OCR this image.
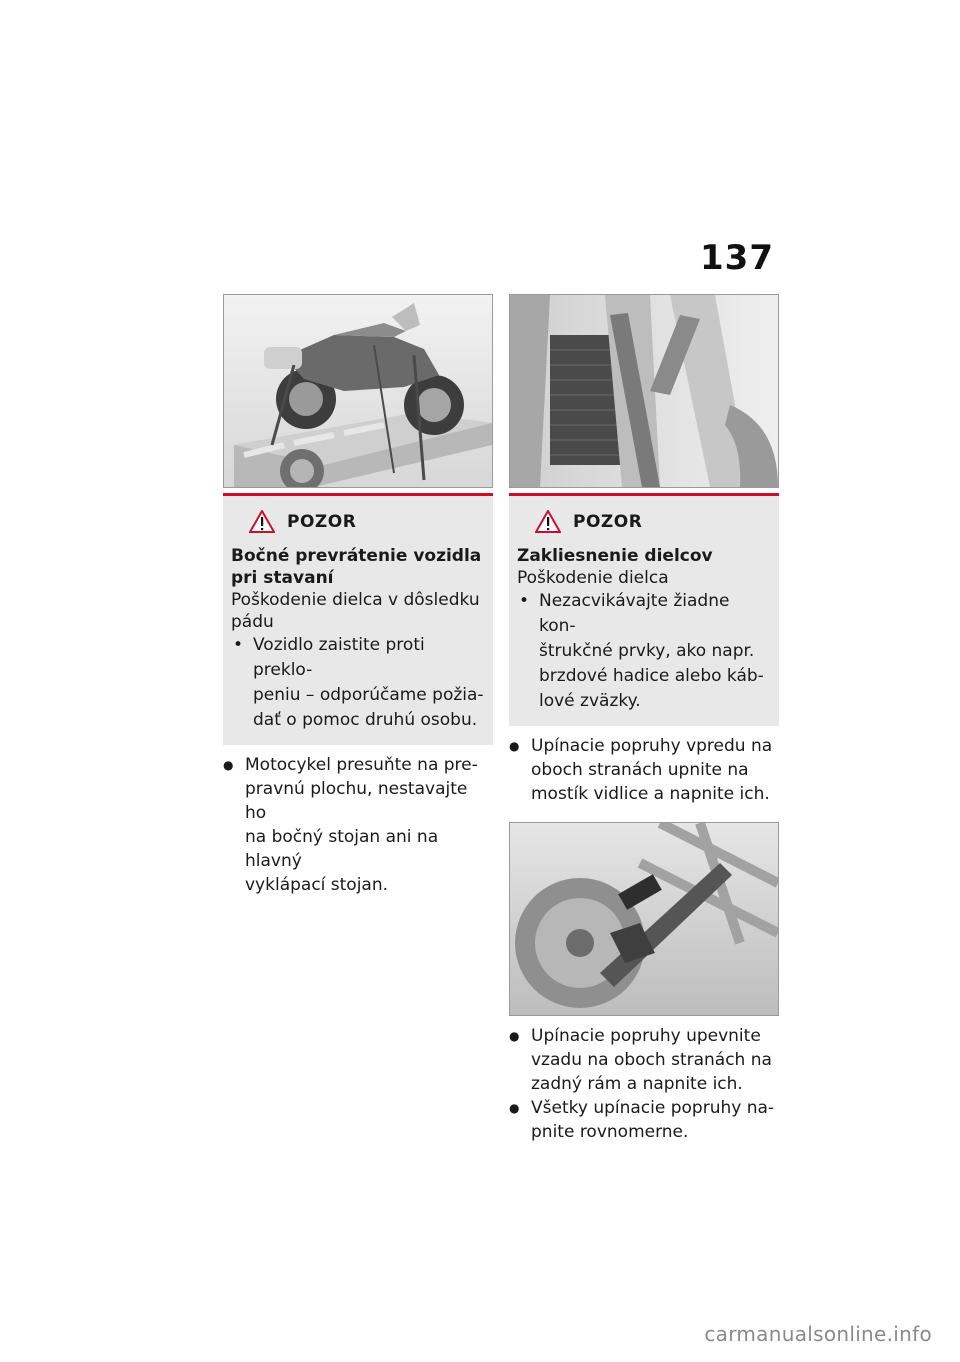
137
POZOR
Bočné prevrátenie vozidla
pri stavaní
Poškodenie dielca v dôsledku
pádu
• Vozidlo zaistite proti preklo-
peniu – odporúčame požia-
dať o pomoc druhú osobu.
● Motocykel presuňte na pre-
pravnú plochu, nestavajte ho
na bočný stojan ani na hlavný
vyklápací stojan.
POZOR
Zakliesnenie dielcov
Poškodenie dielca
• Nezacvikávajte žiadne kon-
štrukčné prvky, ako napr.
brzdové hadice alebo káb-
lové zväzky.
● Upínacie popruhy vpredu na
oboch stranách upnite na
mostík vidlice a napnite ich.
● Upínacie popruhy upevnite
vzadu na oboch stranách na
zadný rám a napnite ich.
● Všetky upínacie popruhy na-
pnite rovnomerne.
carmanualsonline.info
